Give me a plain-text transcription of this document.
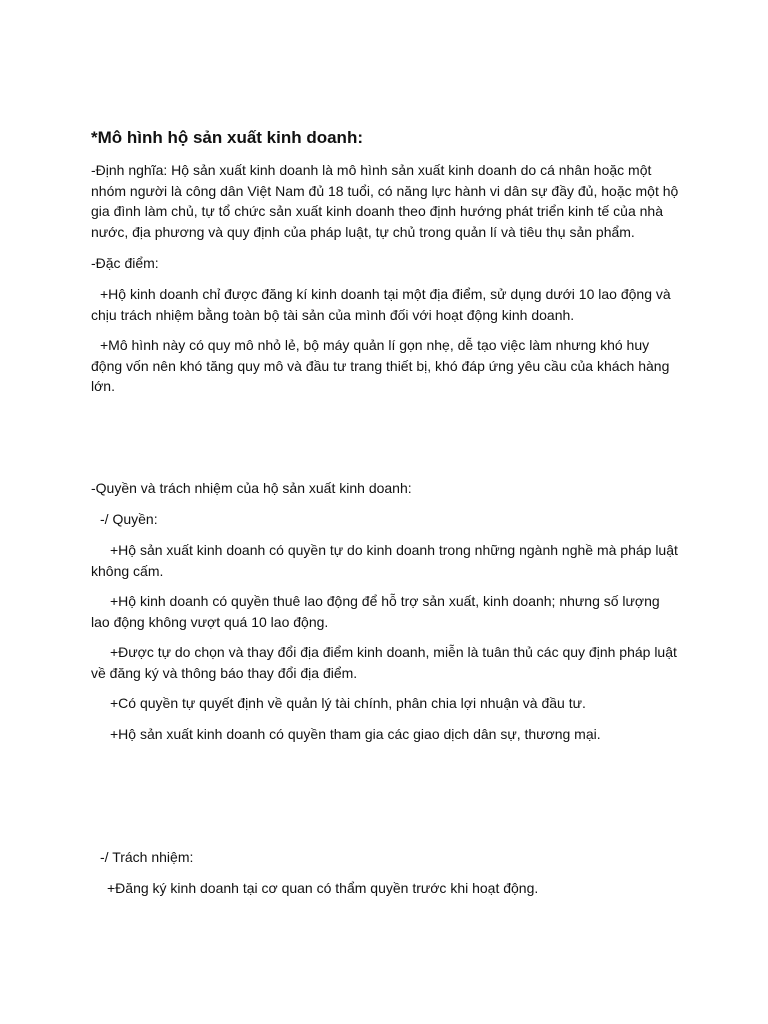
*Mô hình hộ sản xuất kinh doanh:

-Định nghĩa: Hộ sản xuất kinh doanh là mô hình sản xuất kinh doanh do cá nhân hoặc một nhóm người là công dân Việt Nam đủ 18 tuổi, có năng lực hành vi dân sự đầy đủ, hoặc một hộ gia đình làm chủ, tự tổ chức sản xuất kinh doanh theo định hướng phát triển kinh tế của nhà nước, địa phương và quy định của pháp luật, tự chủ trong quản lí và tiêu thụ sản phẩm.

-Đặc điểm:

+Hộ kinh doanh chỉ được đăng kí kinh doanh tại một địa điểm, sử dụng dưới 10 lao động và chịu trách nhiệm bằng toàn bộ tài sản của mình đối với hoạt động kinh doanh.

+Mô hình này có quy mô nhỏ lẻ, bộ máy quản lí gọn nhẹ, dễ tạo việc làm nhưng khó huy động vốn nên khó tăng quy mô và đầu tư trang thiết bị, khó đáp ứng yêu cầu của khách hàng lớn.

-Quyền và trách nhiệm của hộ sản xuất kinh doanh:

-/ Quyền:

+Hộ sản xuất kinh doanh có quyền tự do kinh doanh trong những ngành nghề mà pháp luật không cấm.

+Hộ kinh doanh có quyền thuê lao động để hỗ trợ sản xuất, kinh doanh; nhưng số lượng lao động không vượt quá 10 lao động.

+Được tự do chọn và thay đổi địa điểm kinh doanh, miễn là tuân thủ các quy định pháp luật về đăng ký và thông báo thay đổi địa điểm.

+Có quyền tự quyết định về quản lý tài chính, phân chia lợi nhuận và đầu tư.

+Hộ sản xuất kinh doanh có quyền tham gia các giao dịch dân sự, thương mại.

-/ Trách nhiệm:

+Đăng ký kinh doanh tại cơ quan có thẩm quyền trước khi hoạt động.
